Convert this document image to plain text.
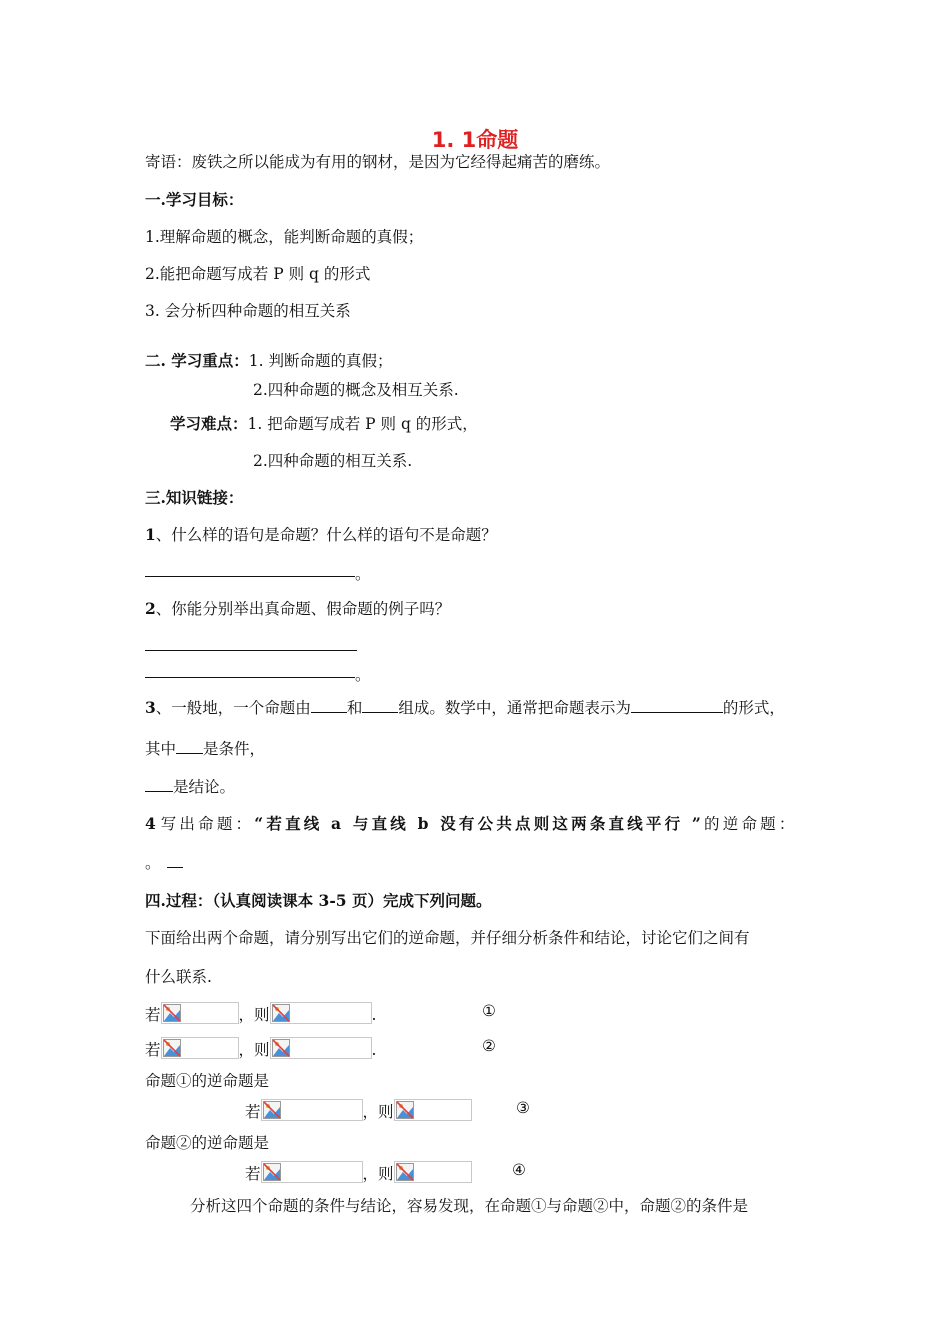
1. 1命题
寄语：废铁之所以能成为有用的钢材，是因为它经得起痛苦的磨练。
一.学习目标：
1.理解命题的概念，能判断命题的真假；
2.能把命题写成若 P 则 q 的形式
3. 会分析四种命题的相互关系
二. 学习重点：1. 判断命题的真假；
2.四种命题的概念及相互关系.
学习难点：1. 把命题写成若 P 则 q 的形式，
2.四种命题的相互关系.
三.知识链接：
1、什么样的语句是命题？什么样的语句不是命题？
。
2、你能分别举出真命题、假命题的例子吗？
。
3、一般地，一个命题由 和 组成。数学中，通常把命题表示为	的形式，
其中 是条件，
是结论。
4 写出命题：“若直线 a 与直线 b 没有公共点则这两条直线平行 ”的逆命题：
。
四.过程：（认真阅读课本 3-5 页）完成下列问题。
下面给出两个命题，请分别写出它们的逆命题，并仔细分析条件和结论，讨论它们之间有
什么联系.
若	，则	.	①
若	，则	.	②
命题①的逆命题是
若	，则	③
命题②的逆命题是
若	，则	④
分析这四个命题的条件与结论，容易发现，在命题①与命题②中，命题②的条件是
